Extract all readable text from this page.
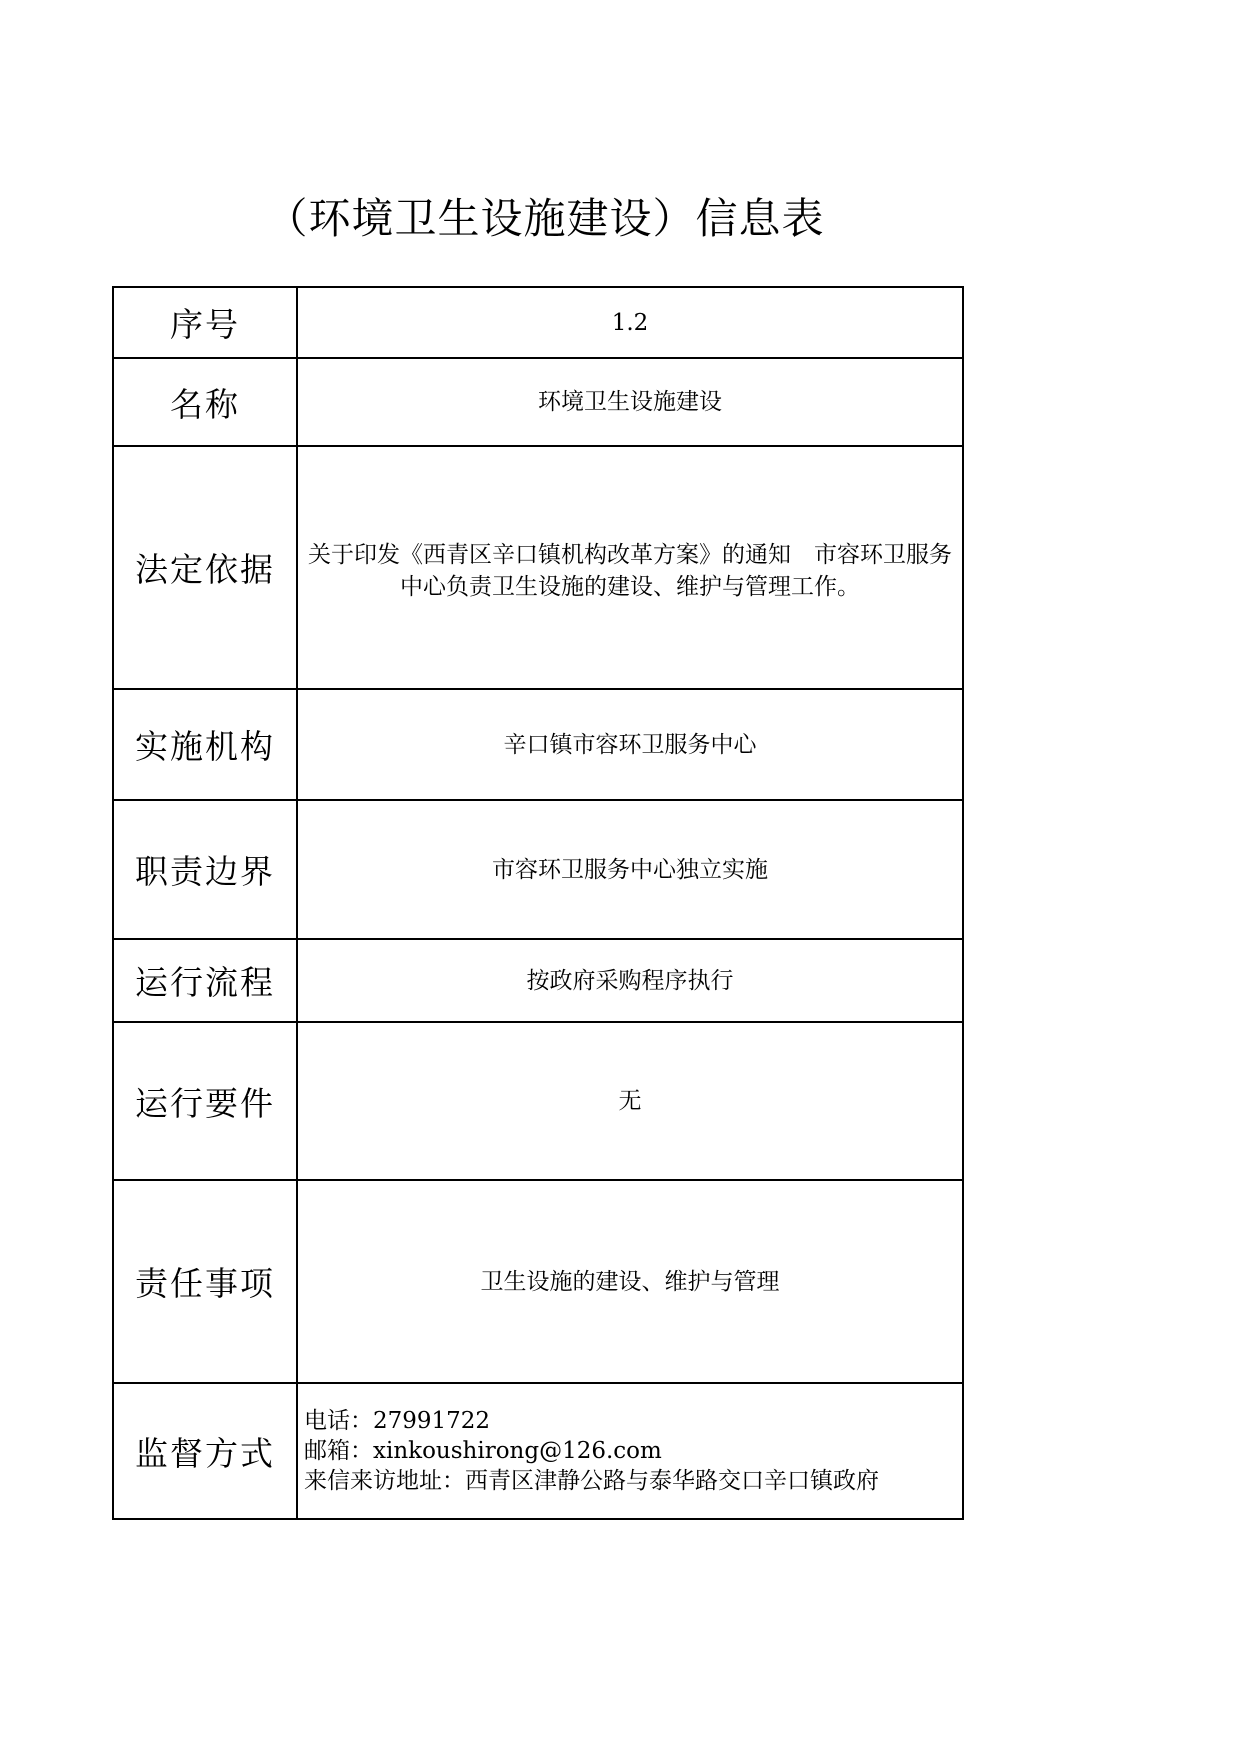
（环境卫生设施建设）信息表
序号	1.2
名称	环境卫生设施建设
法定依据	关于印发《西青区辛口镇机构改革方案》的通知　市容环卫服务中心负责卫生设施的建设、维护与管理工作。
实施机构	辛口镇市容环卫服务中心
职责边界	市容环卫服务中心独立实施
运行流程	按政府采购程序执行
运行要件	无
责任事项	卫生设施的建设、维护与管理
监督方式	电话：27991722
邮箱：xinkoushirong@126.com
来信来访地址：西青区津静公路与泰华路交口辛口镇政府
